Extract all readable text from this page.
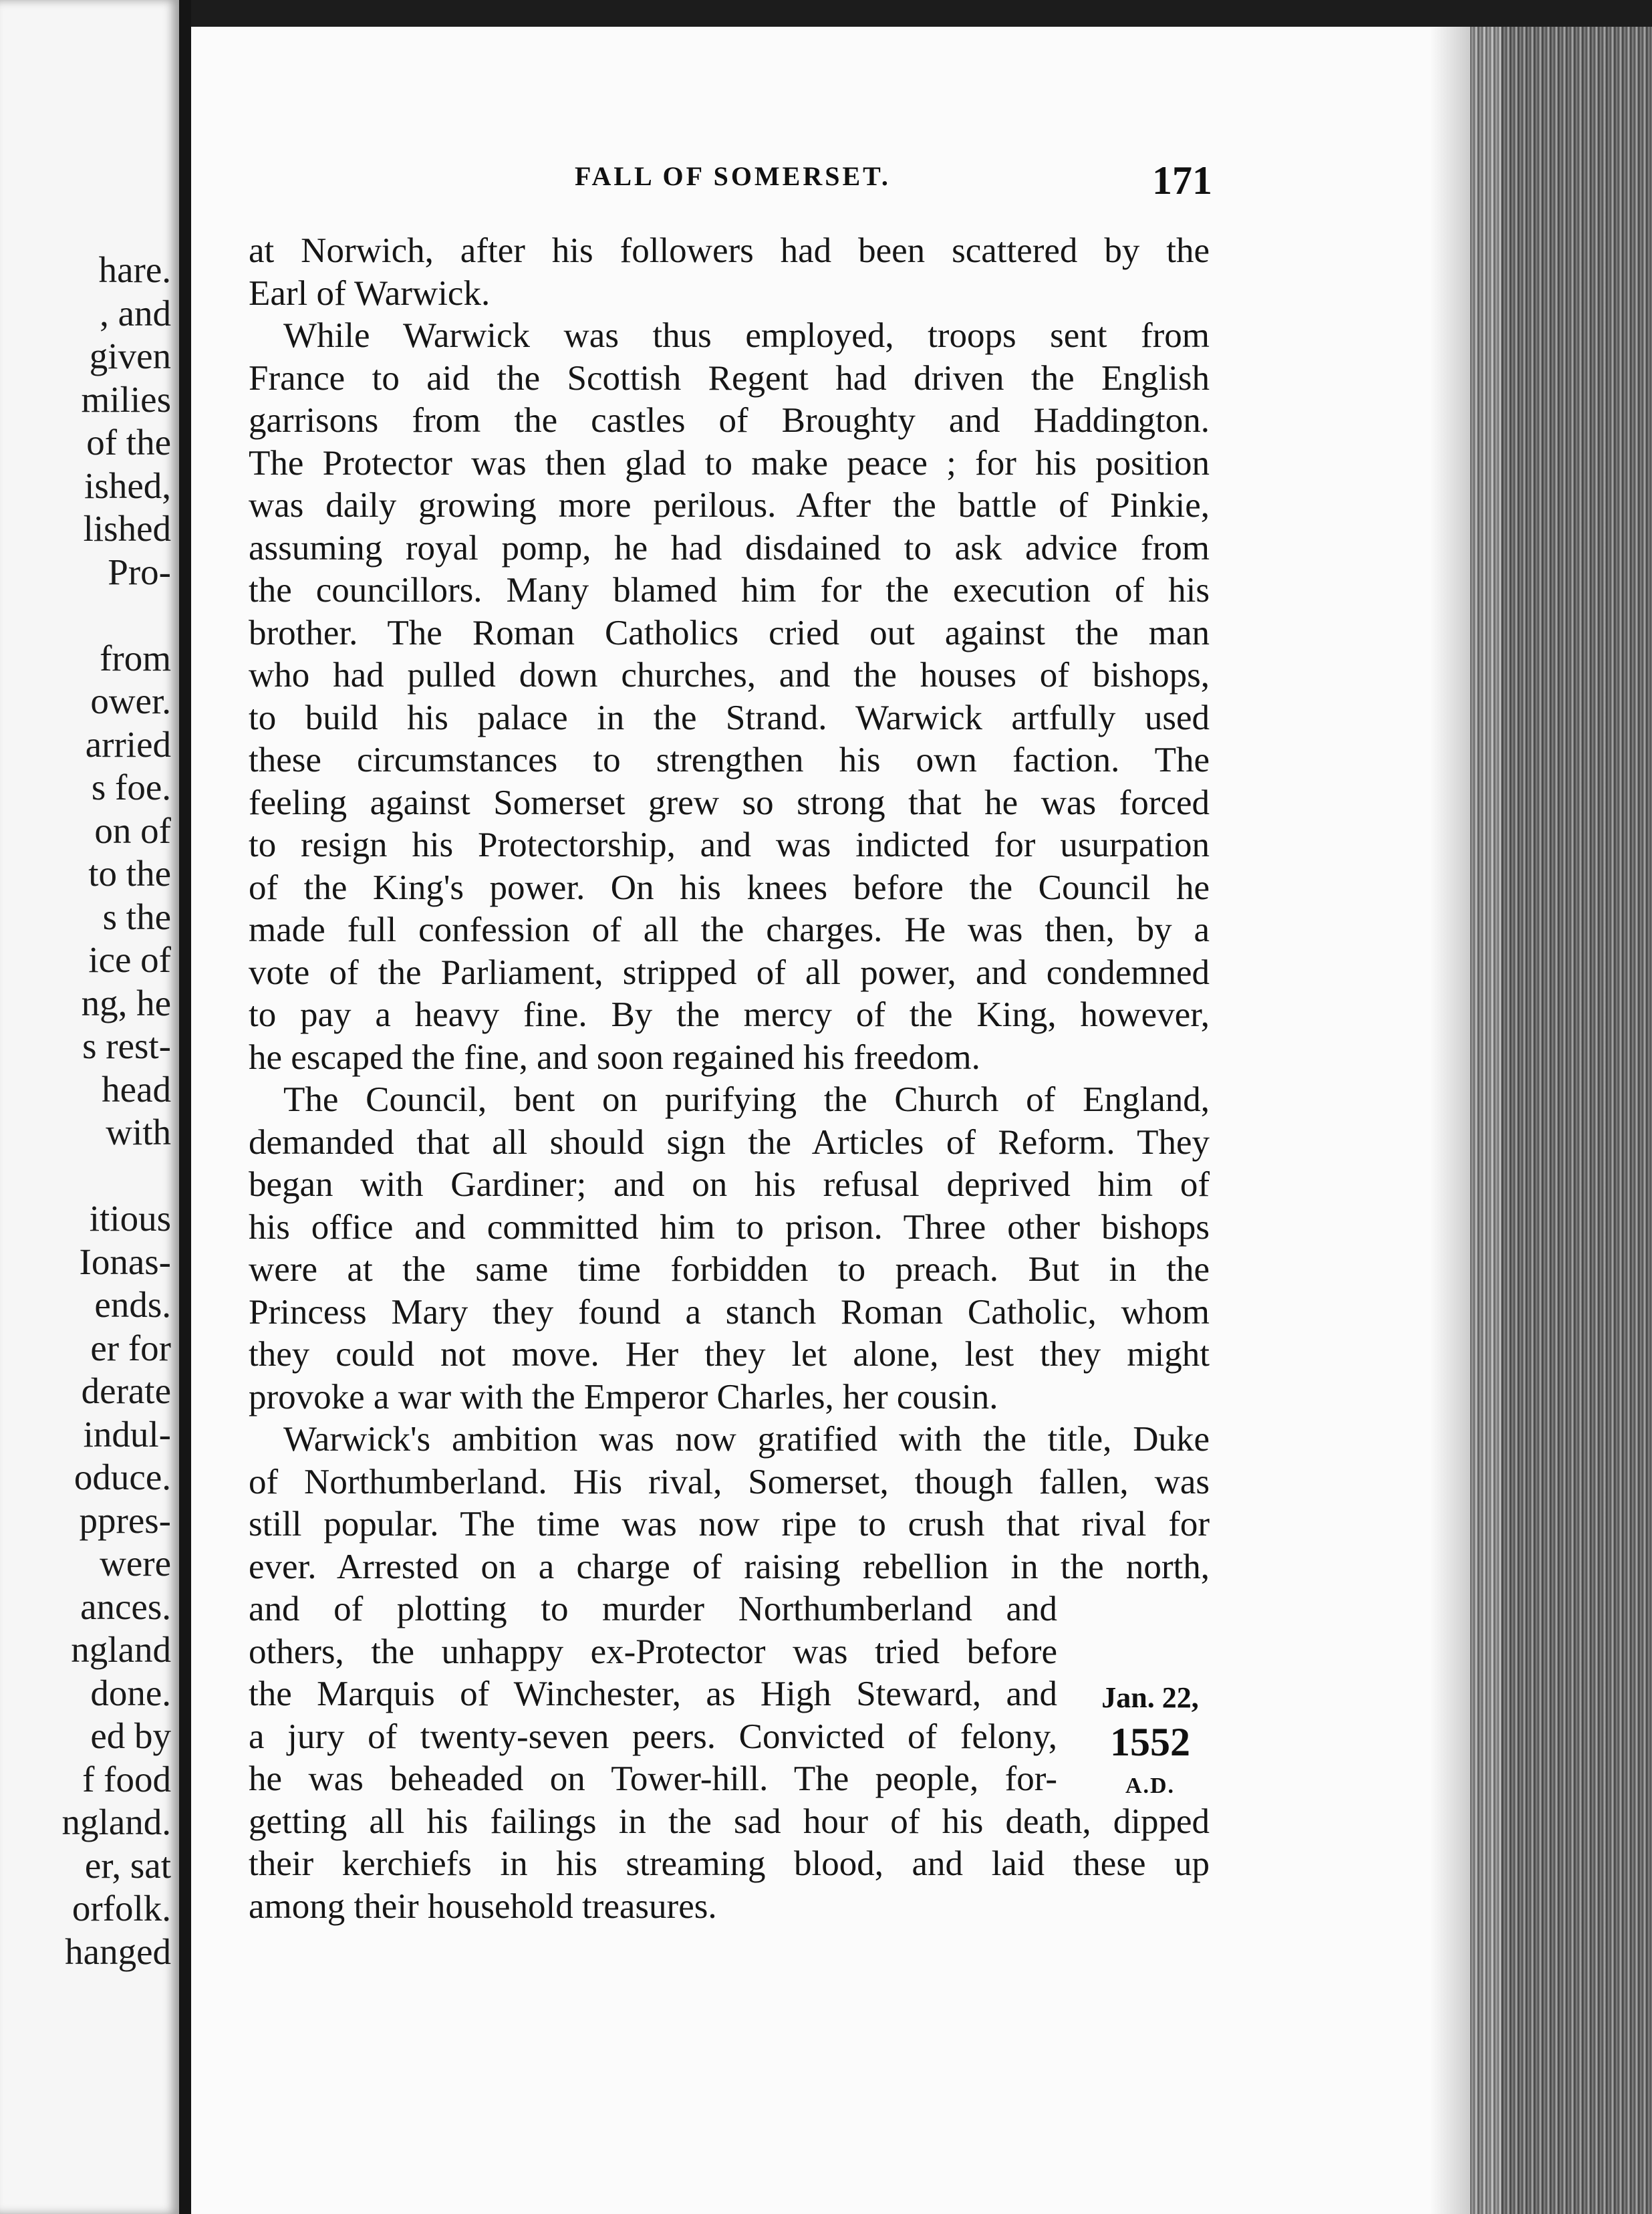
hare.
, and
given
milies
of the
ished,
lished
Pro-
from
ower.
arried
s foe.
on of
to the
s the
ice of
ng, he
s rest-
head
with
itious
Ionas-
ends.
er for
derate
indul-
oduce.
ppres-
were
ances.
ngland
done.
ed by
f food
ngland.
er, sat
orfolk.
hanged
FALL OF SOMERSET.	171
at Norwich, after his followers had been scattered by the
Earl of Warwick.
While Warwick was thus employed, troops sent from
France to aid the Scottish Regent had driven the English
garrisons from the castles of Broughty and Haddington.
The Protector was then glad to make peace ; for his position
was daily growing more perilous. After the battle of Pinkie,
assuming royal pomp, he had disdained to ask advice from
the councillors. Many blamed him for the execution of his
brother. The Roman Catholics cried out against the man
who had pulled down churches, and the houses of bishops,
to build his palace in the Strand. Warwick artfully used
these circumstances to strengthen his own faction. The
feeling against Somerset grew so strong that he was forced
to resign his Protectorship, and was indicted for usurpation
of the King's power. On his knees before the Council he
made full confession of all the charges. He was then, by a
vote of the Parliament, stripped of all power, and condemned
to pay a heavy fine. By the mercy of the King, however,
he escaped the fine, and soon regained his freedom.
The Council, bent on purifying the Church of England,
demanded that all should sign the Articles of Reform. They
began with Gardiner; and on his refusal deprived him of
his office and committed him to prison. Three other bishops
were at the same time forbidden to preach. But in the
Princess Mary they found a stanch Roman Catholic, whom
they could not move. Her they let alone, lest they might
provoke a war with the Emperor Charles, her cousin.
Warwick's ambition was now gratified with the title, Duke
of Northumberland. His rival, Somerset, though fallen, was
still popular. The time was now ripe to crush that rival for
ever. Arrested on a charge of raising rebellion in the north,
and of plotting to murder Northumberland and
others, the unhappy ex-Protector was tried before
the Marquis of Winchester, as High Steward, and
a jury of twenty-seven peers. Convicted of felony,
he was beheaded on Tower-hill. The people, for-
getting all his failings in the sad hour of his death, dipped
their kerchiefs in his streaming blood, and laid these up
among their household treasures.
Jan. 22,
1552
A.D.
